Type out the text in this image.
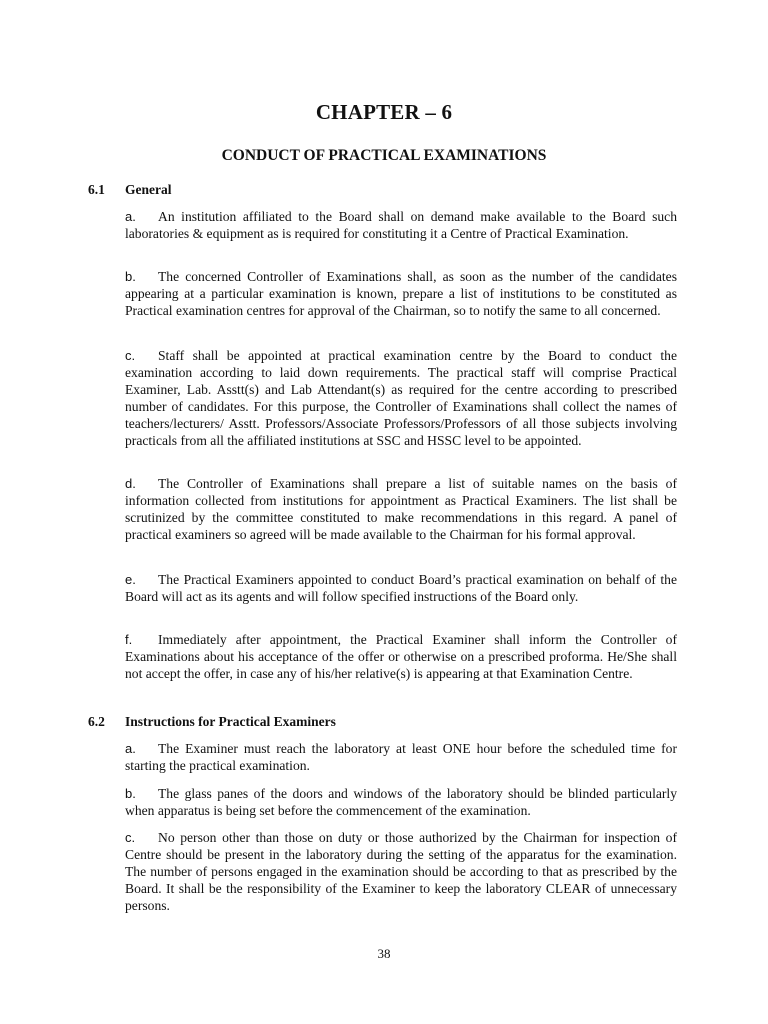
CHAPTER – 6
CONDUCT OF PRACTICAL EXAMINATIONS
6.1 General
a. An institution affiliated to the Board shall on demand make available to the Board such laboratories & equipment as is required for constituting it a Centre of Practical Examination.
b. The concerned Controller of Examinations shall, as soon as the number of the candidates appearing at a particular examination is known, prepare a list of institutions to be constituted as Practical examination centres for approval of the Chairman, so to notify the same to all concerned.
c. Staff shall be appointed at practical examination centre by the Board to conduct the examination according to laid down requirements. The practical staff will comprise Practical Examiner, Lab. Asstt(s) and Lab Attendant(s) as required for the centre according to prescribed number of candidates. For this purpose, the Controller of Examinations shall collect the names of teachers/lecturers/ Asstt. Professors/Associate Professors/Professors of all those subjects involving practicals from all the affiliated institutions at SSC and HSSC level to be appointed.
d. The Controller of Examinations shall prepare a list of suitable names on the basis of information collected from institutions for appointment as Practical Examiners. The list shall be scrutinized by the committee constituted to make recommendations in this regard. A panel of practical examiners so agreed will be made available to the Chairman for his formal approval.
e. The Practical Examiners appointed to conduct Board’s practical examination on behalf of the Board will act as its agents and will follow specified instructions of the Board only.
f. Immediately after appointment, the Practical Examiner shall inform the Controller of Examinations about his acceptance of the offer or otherwise on a prescribed proforma. He/She shall not accept the offer, in case any of his/her relative(s) is appearing at that Examination Centre.
6.2 Instructions for Practical Examiners
a. The Examiner must reach the laboratory at least ONE hour before the scheduled time for starting the practical examination.
b. The glass panes of the doors and windows of the laboratory should be blinded particularly when apparatus is being set before the commencement of the examination.
c. No person other than those on duty or those authorized by the Chairman for inspection of Centre should be present in the laboratory during the setting of the apparatus for the examination. The number of persons engaged in the examination should be according to that as prescribed by the Board. It shall be the responsibility of the Examiner to keep the laboratory CLEAR of unnecessary persons.
38
